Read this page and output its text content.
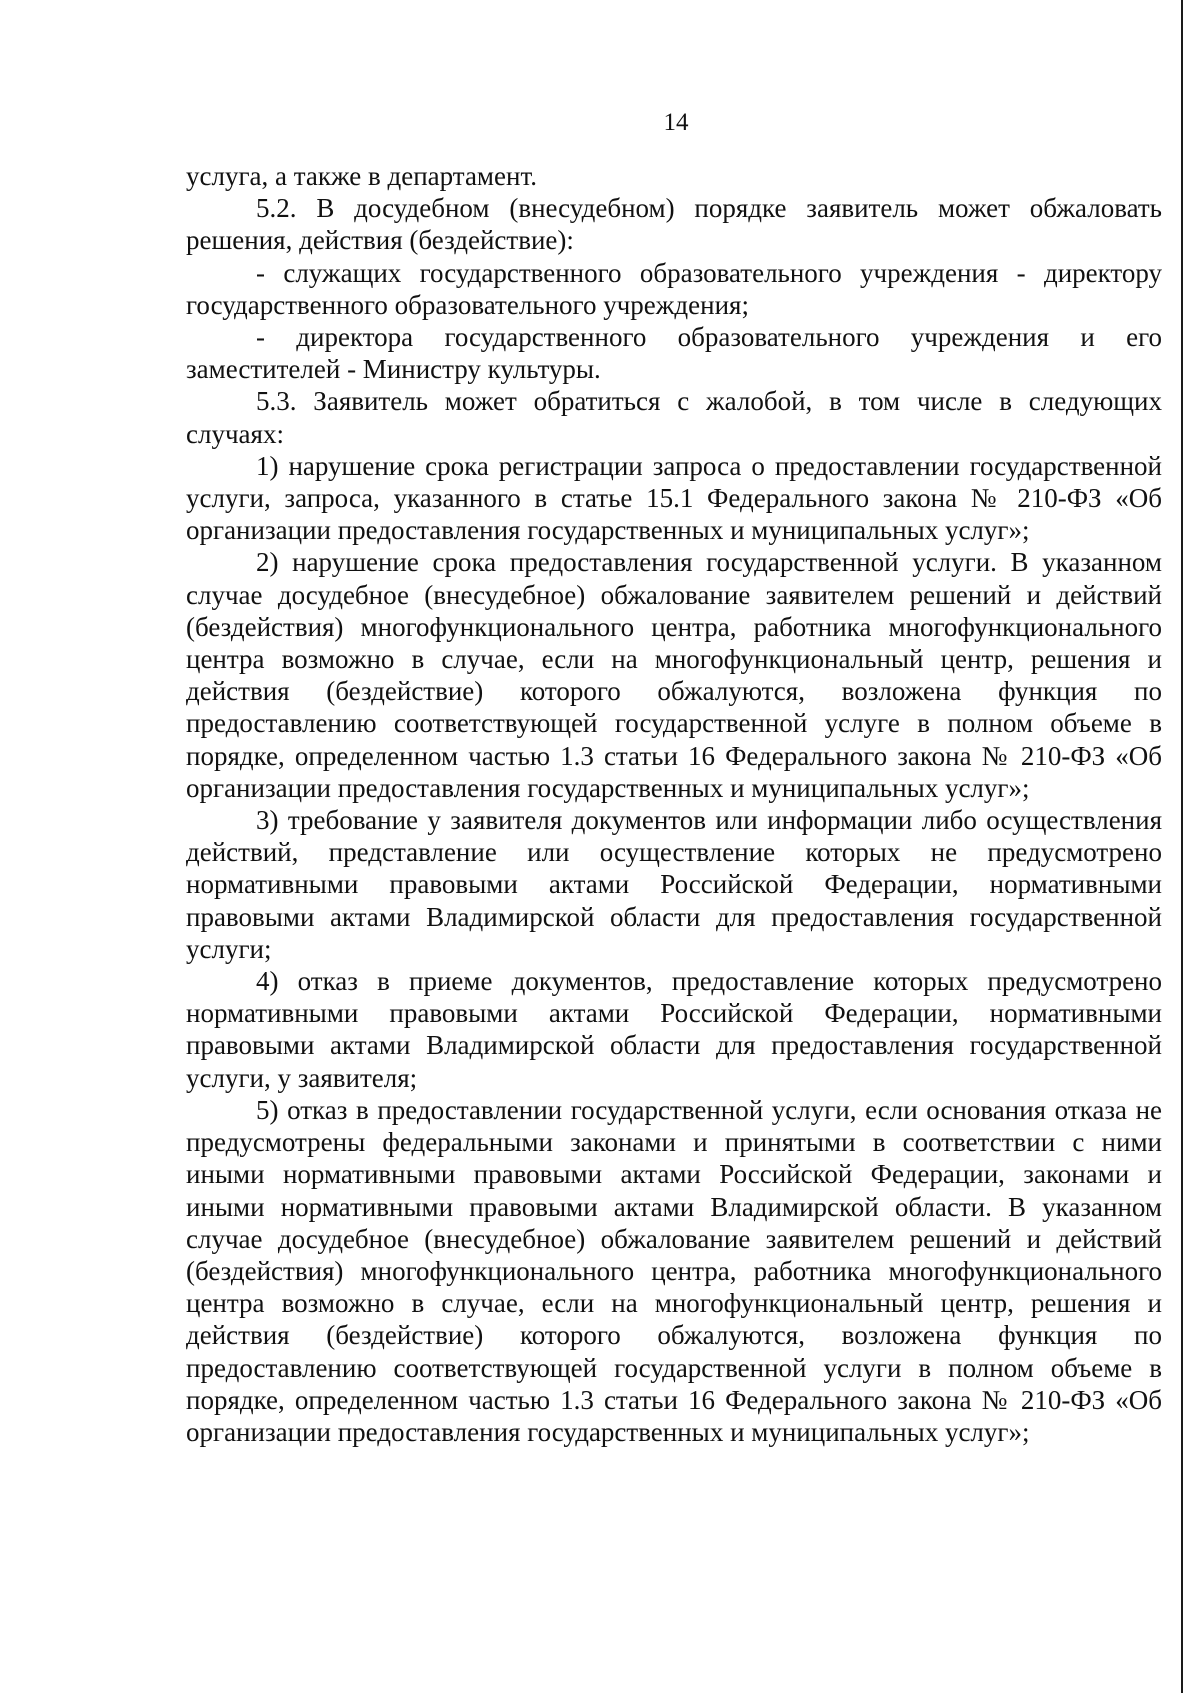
14

услуга, а также в департамент.

5.2. В досудебном (внесудебном) порядке заявитель может обжаловать решения, действия (бездействие):

- служащих государственного образовательного учреждения - директору государственного образовательного учреждения;

- директора государственного образовательного учреждения и его заместителей - Министру культуры.

5.3. Заявитель может обратиться с жалобой, в том числе в следующих случаях:

1) нарушение срока регистрации запроса о предоставлении государственной услуги, запроса, указанного в статье 15.1 Федерального закона № 210-ФЗ «Об организации предоставления государственных и муниципальных услуг»;

2) нарушение срока предоставления государственной услуги. В указанном случае досудебное (внесудебное) обжалование заявителем решений и действий (бездействия) многофункционального центра, работника многофункционального центра возможно в случае, если на многофункциональный центр, решения и действия (бездействие) которого обжалуются, возложена функция по предоставлению соответствующей государственной услуге в полном объеме в порядке, определенном частью 1.3 статьи 16 Федерального закона № 210-ФЗ «Об организации предоставления государственных и муниципальных услуг»;

3) требование у заявителя документов или информации либо осуществления действий, представление или осуществление которых не предусмотрено нормативными правовыми актами Российской Федерации, нормативными правовыми актами Владимирской области для предоставления государственной услуги;

4) отказ в приеме документов, предоставление которых предусмотрено нормативными правовыми актами Российской Федерации, нормативными правовыми актами Владимирской области для предоставления государственной услуги, у заявителя;

5) отказ в предоставлении государственной услуги, если основания отказа не предусмотрены федеральными законами и принятыми в соответствии с ними иными нормативными правовыми актами Российской Федерации, законами и иными нормативными правовыми актами Владимирской области. В указанном случае досудебное (внесудебное) обжалование заявителем решений и действий (бездействия) многофункционального центра, работника многофункционального центра возможно в случае, если на многофункциональный центр, решения и действия (бездействие) которого обжалуются, возложена функция по предоставлению соответствующей государственной услуги в полном объеме в порядке, определенном частью 1.3 статьи 16 Федерального закона № 210-ФЗ «Об организации предоставления государственных и муниципальных услуг»;
